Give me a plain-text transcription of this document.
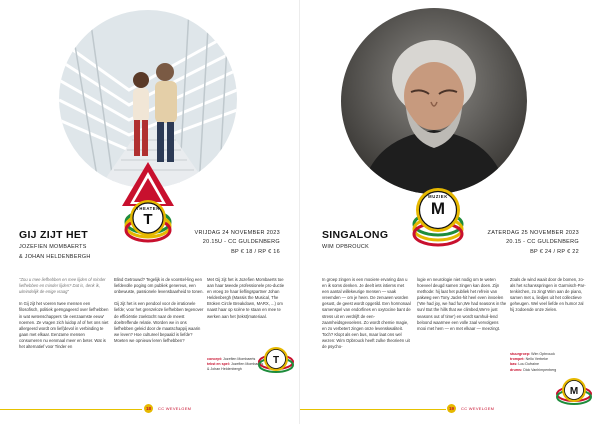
THEATER
T
GIJ ZIJT HET
JOZEFIEN MOMBAERTS
& JOHAN HELDENBERGH
VRIJDAG 24 NOVEMBER 2023
20.15U - CC GULDENBERG
BP € 18 / RP € 16

"Zou u mee liefhebben en mee lijden of minder liefhebben en minder lijden? Dat is, denk ik, uiteindelijk de enige vraag"

In Gij zijt het voeren twee mensen een filosofisch, politiek geëngageerd over liefhebben in wat wetenschappers 'de eenzaamste eeuw' noemen. Ze vragen zich luidop af of het ons niet allergeerd wordt om lief(devol in verbinding te gaan met elkaar. Eenzame mensen consumeren nu eenmaal meer en beter. Wat is het alternatief voor Tinder en

Blind Getrouwd? Tegelijk is de voorstel-ling een liefdevolle poging om publiek genereus, een onbewuste, passionele levensbaarheid te tonen.

Gij zijt het is een pendool voor de irrationele liefde; voor het grenzeloze liefhebben tegenover de efficiëntie zoektocht naar de meest doeltreffende relatie. Worden we in ons liefhebben geleid door de maatschappij waarin we leven? Hoe cultureel bepaald is liefde? Moeten we opnieuw leren liefhebben?

Met Gij zijt het is Jozefien Mombaerts toe aan haar tweede professionele pro-ductie en vroeg ze haar lieflingspartner Johan Heldenbergh (Massis the Musical, The Broken Circle Breakdown, MARX, ...) om naast haar op scène te staan en mee te werken aan het (tekst)materiaal.

concept: Jozefien Mombaerts
tekst en spel: Jozefien Mombaerts
& Johan Heldenbergh
T
18	CC WEVELGEM
MUZIEK
M
SINGALONG
WIM OPBROUCK
ZATERDAG 25 NOVEMBER 2023
20.15 - CC GULDENBERG
BP € 24 / RP € 22

In groep zingen is een mooiere ervaring dan u en ik soms denken. Je deelt iets intiems met een aantal willekeurige mensen — vaak vreemden — om je heen. De zenuwen worden gesust, de geest wordt opgetild. Een hormonaal samenspel van endorfines en oxytocine bant de stress uit en verdrijft de een-zaamheidsgevoelens. Zo wordt chemie magie, en zo verbetert zingen onze levenskwaliteit. Toch? Klopt als een bus, maar laat ons wel wezen: Wim Opbrouck heeft zulke theorieën uit de psycho-

logie en neurologie niet nodig om te weten hoeveel deugd samen zingen kan doen. Zijn methode: hij laat het publiek het refrein van pakweg een Tony Jacks-hit heel even invoelen ('We had joy, we had fun,We had seasons in the sun/ But the hills that we climbed,We're just seasons out of time') en wordt samhuil-lend beloond waarmee een volle zaal vervolgens mooi met hem — en met elkaar — meezingt.

Zoals de wind waait door de bomen, zo-als het schansspringen in Garmisch-Par-tenkirchen, zo zingt Wim aan de piano, samen met u, liedjes uit het collectieve geheugen. Wel veel liefde en humor zal hij zodoende onze zielen.

stuurgroep: Wim Opbrouck
trompet: Nello Verbeke
bas: Lou Dufraine
drums: Dick Vanhimpenberg
M
19	CC WEVELGEM
